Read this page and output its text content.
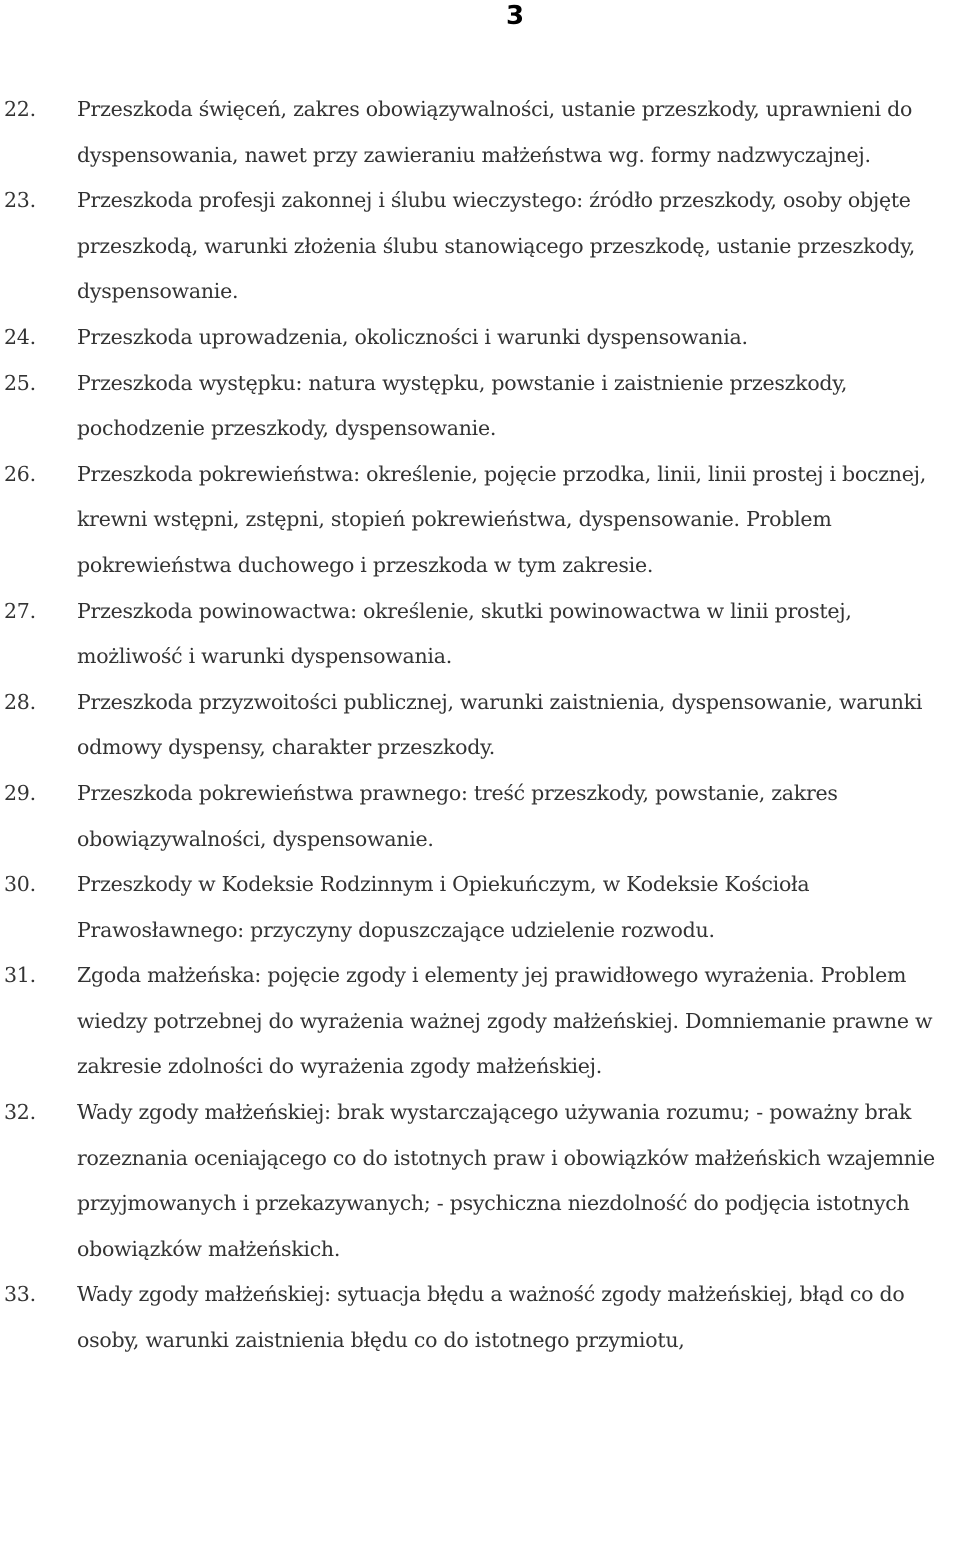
3
22. Przeszkoda święceń, zakres obowiązywalności, ustanie przeszkody, uprawnieni do dyspensowania, nawet przy zawieraniu małżeństwa wg. formy nadzwyczajnej.
23. Przeszkoda profesji zakonnej i ślubu wieczystego: źródło przeszkody, osoby objęte przeszkodą, warunki złożenia ślubu stanowiącego przeszkodę, ustanie przeszkody, dyspensowanie.
24. Przeszkoda uprowadzenia, okoliczności i warunki dyspensowania.
25. Przeszkoda występku: natura występku, powstanie i zaistnienie przeszkody, pochodzenie przeszkody, dyspensowanie.
26. Przeszkoda pokrewieństwa: określenie, pojęcie przodka, linii, linii prostej i bocznej, krewni wstępni, zstępni, stopień pokrewieństwa, dyspensowanie. Problem pokrewieństwa duchowego i przeszkoda w tym zakresie.
27. Przeszkoda powinowactwa: określenie, skutki powinowactwa w linii prostej, możliwość i warunki dyspensowania.
28. Przeszkoda przyzwoitości publicznej, warunki zaistnienia, dyspensowanie, warunki odmowy dyspensy, charakter przeszkody.
29. Przeszkoda pokrewieństwa prawnego: treść przeszkody, powstanie, zakres obowiązywalności, dyspensowanie.
30. Przeszkody w Kodeksie Rodzinnym i Opiekuńczym, w Kodeksie Kościoła Prawosławnego: przyczyny dopuszczające udzielenie rozwodu.
31. Zgoda małżeńska: pojęcie zgody i elementy jej prawidłowego wyrażenia. Problem wiedzy potrzebnej do wyrażenia ważnej zgody małżeńskiej. Domniemanie prawne w zakresie zdolności do wyrażenia zgody małżeńskiej.
32. Wady zgody małżeńskiej: brak wystarczającego używania rozumu; - poważny brak rozeznania oceniającego co do istotnych praw i obowiązków małżeńskich wzajemnie przyjmowanych i przekazywanych; - psychiczna niezdolność do podjęcia istotnych obowiązków małżeńskich.
33. Wady zgody małżeńskiej: sytuacja błędu a ważność zgody małżeńskiej, błąd co do osoby, warunki zaistnienia błędu co do istotnego przymiotu,
